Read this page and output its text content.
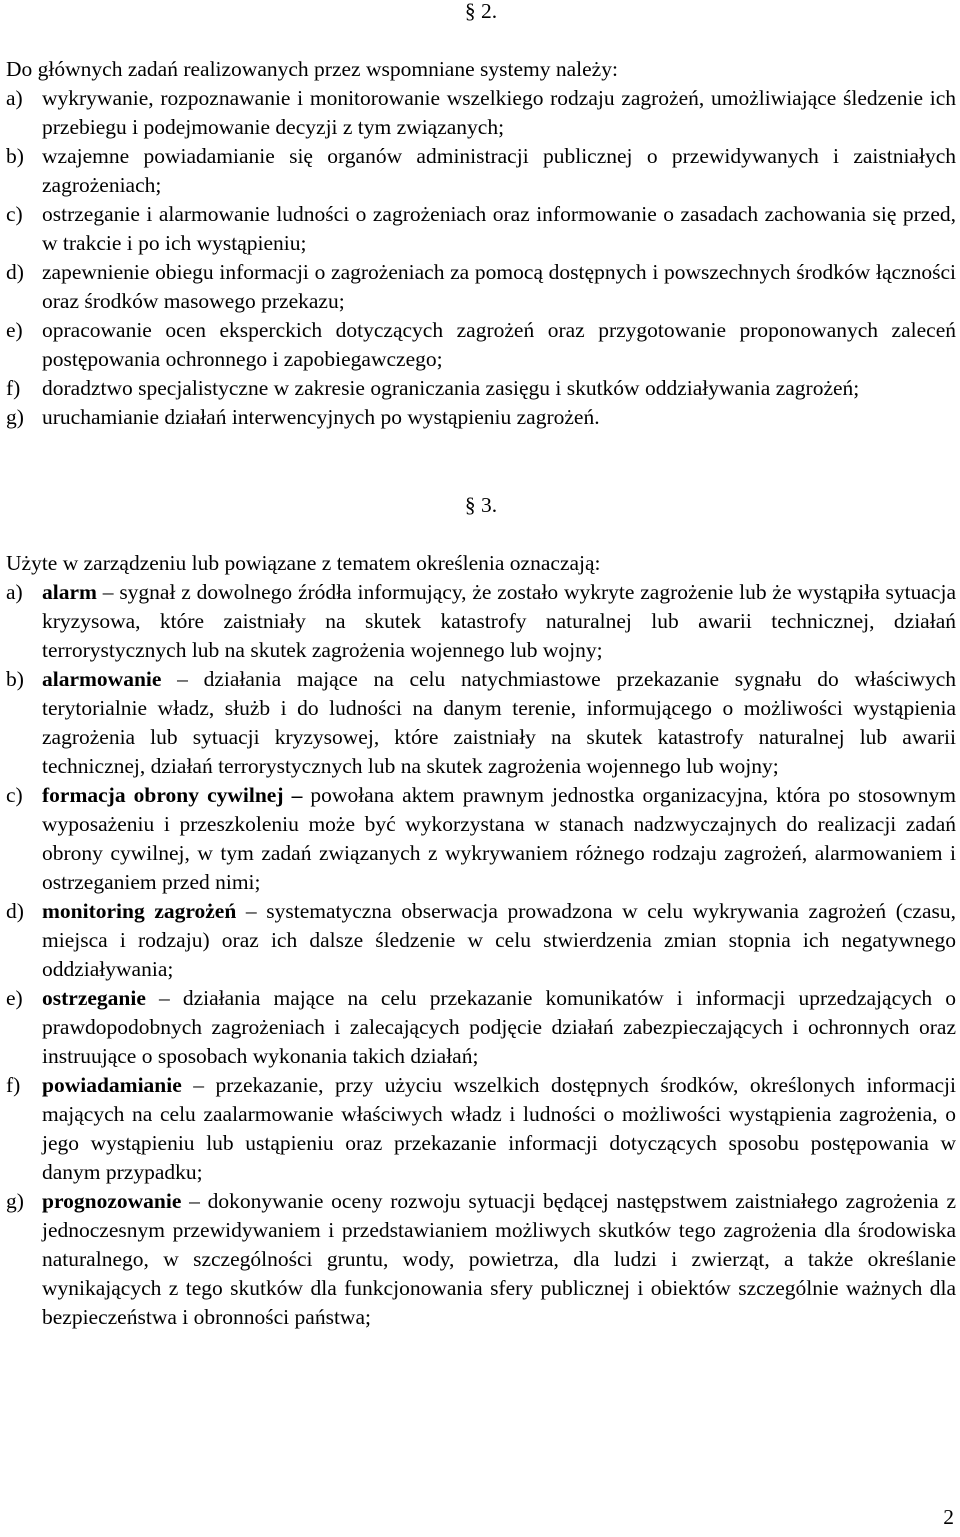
§ 2.

Do głównych zadań realizowanych przez wspomniane systemy należy:

a) wykrywanie, rozpoznawanie i monitorowanie wszelkiego rodzaju zagrożeń, umożliwiające śledzenie ich przebiegu i podejmowanie decyzji z tym związanych;
b) wzajemne powiadamianie się organów administracji publicznej o przewidywanych i zaistniałych zagrożeniach;
c) ostrzeganie i alarmowanie ludności o zagrożeniach oraz informowanie o zasadach zachowania się przed, w trakcie i po ich wystąpieniu;
d) zapewnienie obiegu informacji o zagrożeniach za pomocą dostępnych i powszechnych środków łączności oraz środków masowego przekazu;
e) opracowanie ocen eksperckich dotyczących zagrożeń oraz przygotowanie proponowanych zaleceń postępowania ochronnego i zapobiegawczego;
f) doradztwo specjalistyczne w zakresie ograniczania zasięgu i skutków oddziaływania zagrożeń;
g) uruchamianie działań interwencyjnych po wystąpieniu zagrożeń.

§ 3.

Użyte w zarządzeniu lub powiązane z tematem określenia oznaczają:

a) alarm – sygnał z dowolnego źródła informujący, że zostało wykryte zagrożenie lub że wystąpiła sytuacja kryzysowa, które zaistniały na skutek katastrofy naturalnej lub awarii technicznej, działań terrorystycznych lub na skutek zagrożenia wojennego lub wojny;
b) alarmowanie – działania mające na celu natychmiastowe przekazanie sygnału do właściwych terytorialnie władz, służb i do ludności na danym terenie, informującego o możliwości wystąpienia zagrożenia lub sytuacji kryzysowej, które zaistniały na skutek katastrofy naturalnej lub awarii technicznej, działań terrorystycznych lub na skutek zagrożenia wojennego lub wojny;
c) formacja obrony cywilnej – powołana aktem prawnym jednostka organizacyjna, która po stosownym wyposażeniu i przeszkoleniu może być wykorzystana w stanach nadzwyczajnych do realizacji zadań obrony cywilnej, w tym zadań związanych z wykrywaniem różnego rodzaju zagrożeń, alarmowaniem i ostrzeganiem przed nimi;
d) monitoring zagrożeń – systematyczna obserwacja prowadzona w celu wykrywania zagrożeń (czasu, miejsca i rodzaju) oraz ich dalsze śledzenie w celu stwierdzenia zmian stopnia ich negatywnego oddziaływania;
e) ostrzeganie – działania mające na celu przekazanie komunikatów i informacji uprzedzających o prawdopodobnych zagrożeniach i zalecających podjęcie działań zabezpieczających i ochronnych oraz instruujące o sposobach wykonania takich działań;
f) powiadamianie – przekazanie, przy użyciu wszelkich dostępnych środków, określonych informacji mających na celu zaalarmowanie właściwych władz i ludności o możliwości wystąpienia zagrożenia, o jego wystąpieniu lub ustąpieniu oraz przekazanie informacji dotyczących sposobu postępowania w danym przypadku;
g) prognozowanie – dokonywanie oceny rozwoju sytuacji będącej następstwem zaistniałego zagrożenia z jednoczesnym przewidywaniem i przedstawianiem możliwych skutków tego zagrożenia dla środowiska naturalnego, w szczególności gruntu, wody, powietrza, dla ludzi i zwierząt, a także określanie wynikających z tego skutków dla funkcjonowania sfery publicznej i obiektów szczególnie ważnych dla bezpieczeństwa i obronności państwa;
2
